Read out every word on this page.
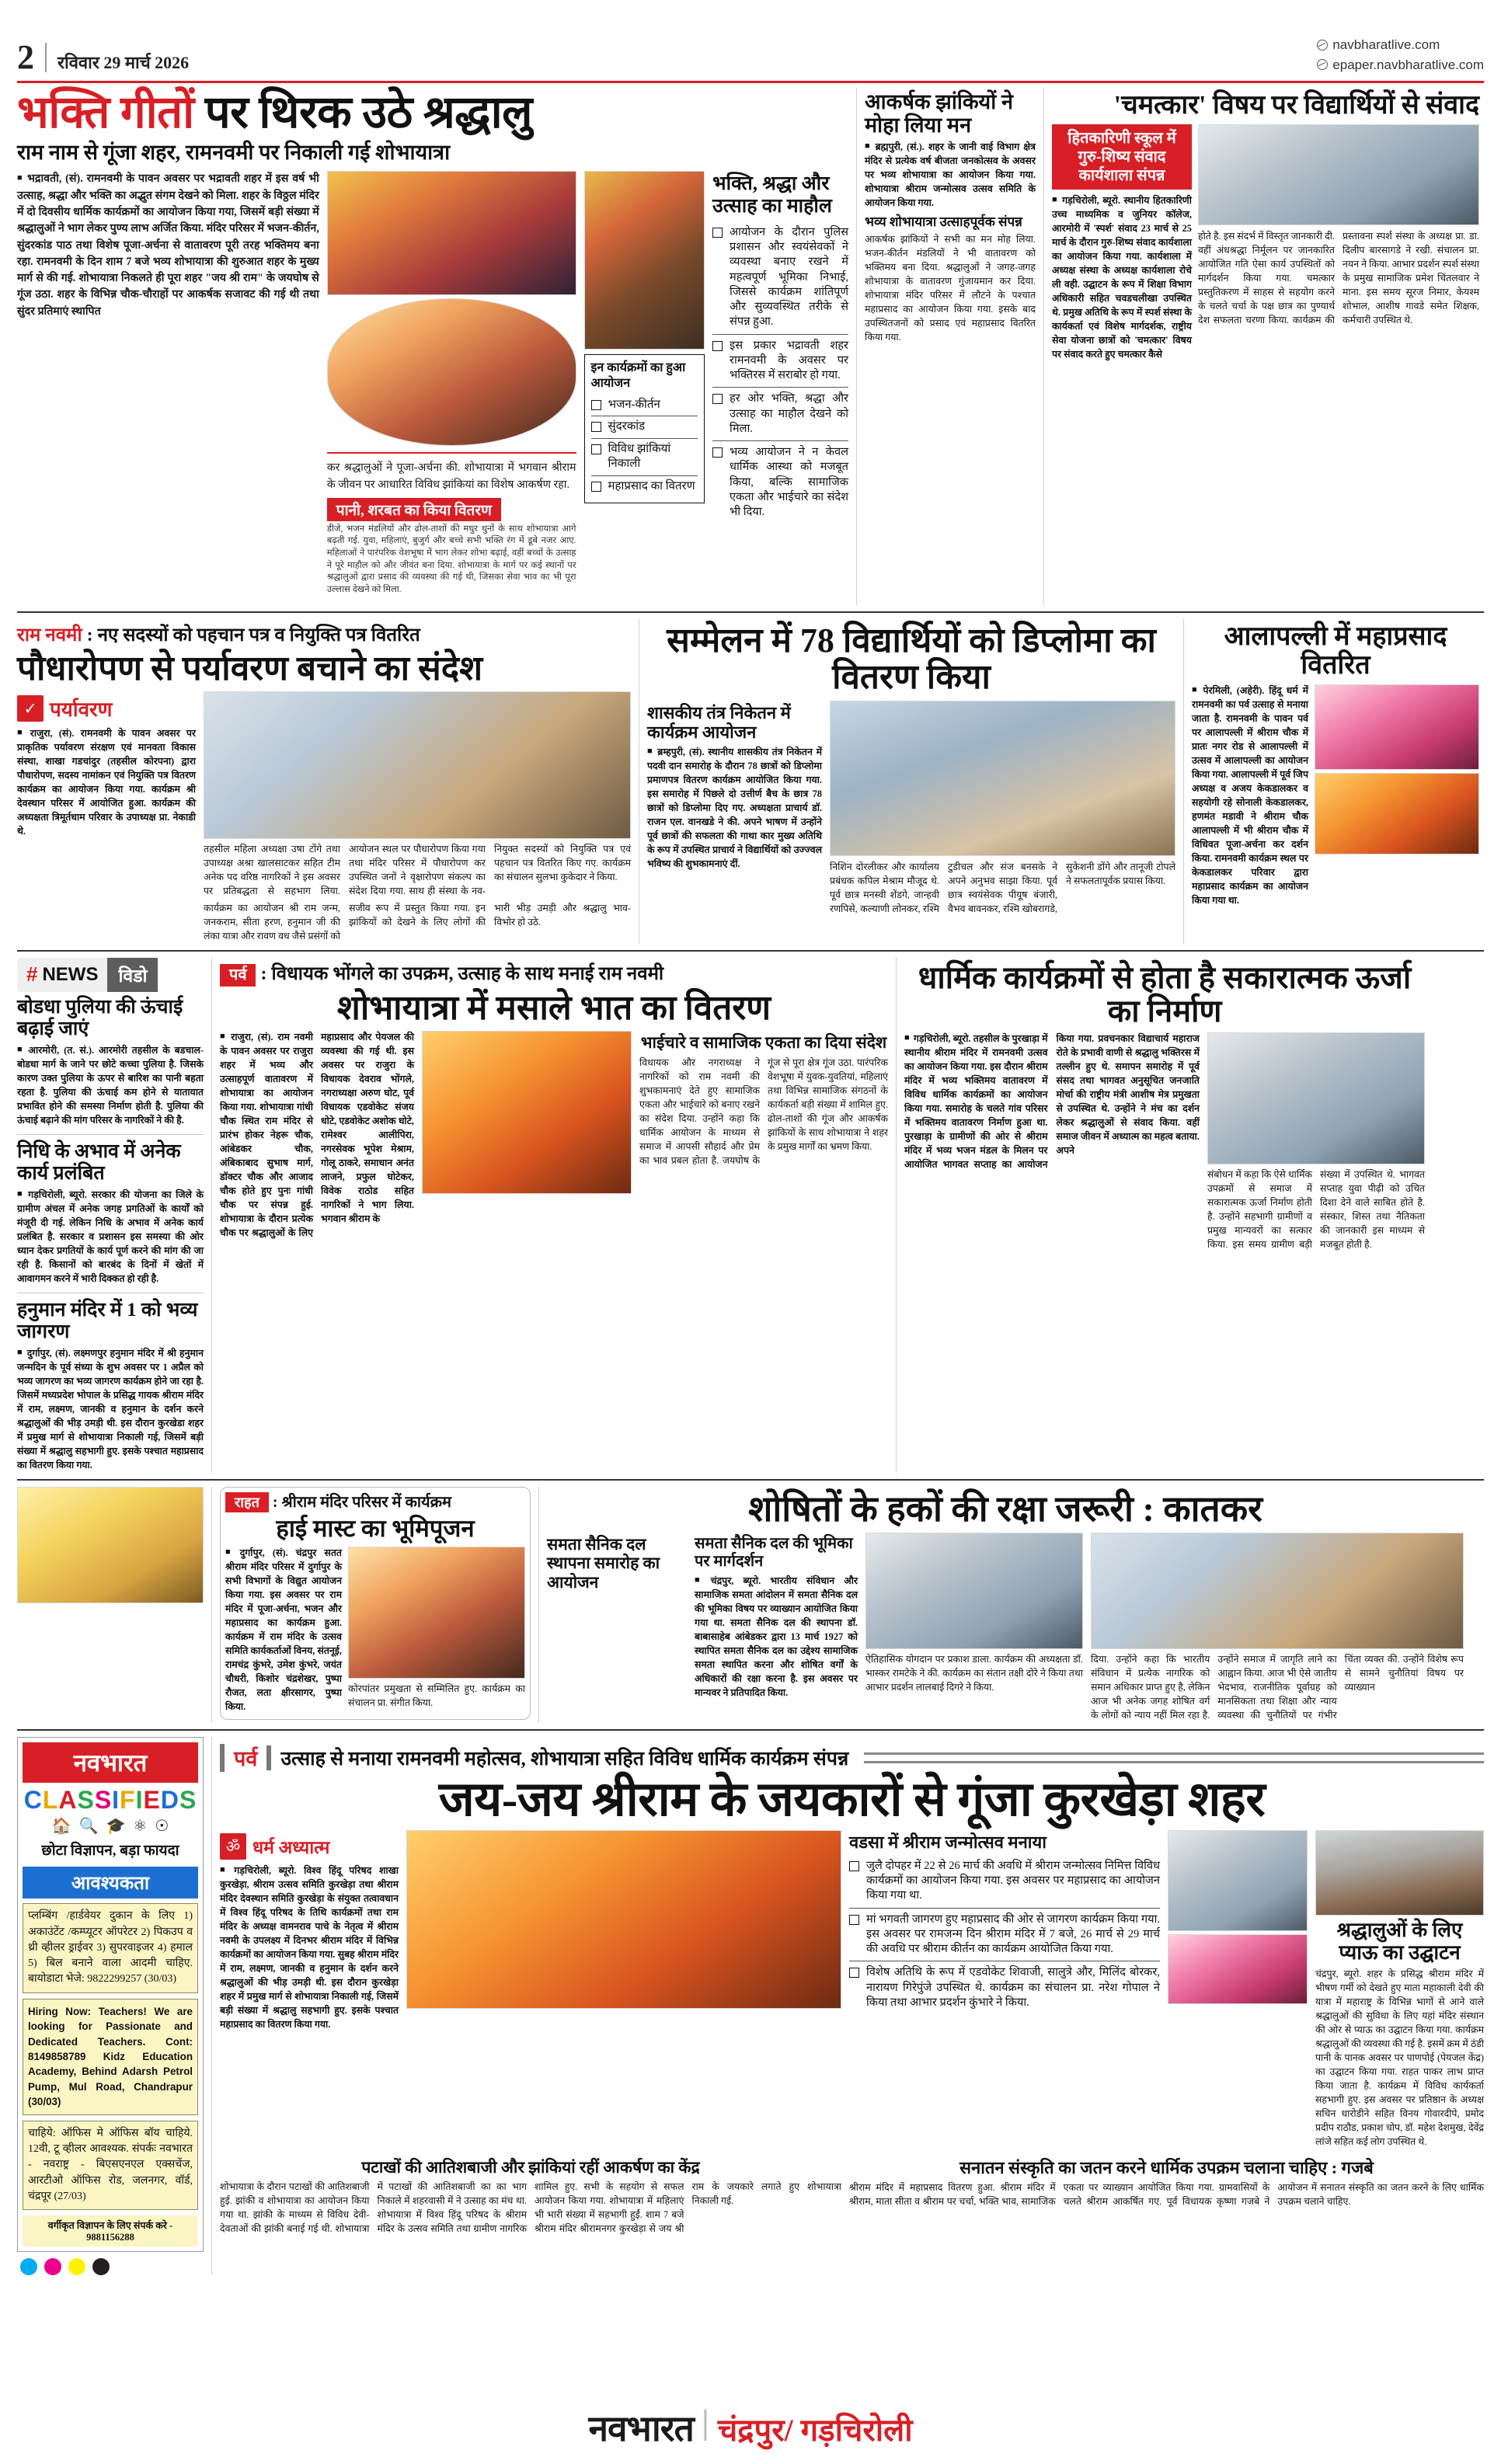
2 रविवार 29 मार्च 2026
नवभारत चंद्रपुर/ गड़चिरोली
navbharatlive.com
epaper.navbharatlive.com
भक्ति गीतों पर थिरक उठे श्रद्धालु
राम नाम से गूंजा शहर, रामनवमी पर निकाली गई शोभायात्रा

■ भद्रावती, (सं). रामनवमी के पावन अवसर पर भद्रावती शहर में इस वर्ष भी उत्साह, श्रद्धा और भक्ति का अद्भुत संगम देखने को मिला. शहर के विठ्ठल मंदिर में दो दिवसीय धार्मिक कार्यक्रमों का आयोजन किया गया, जिसमें बड़ी संख्या में श्रद्धालुओं ने भाग लेकर पुण्य लाभ अर्जित किया. मंदिर परिसर में भजन-कीर्तन, सुंदरकांड पाठ तथा विशेष पूजा-अर्चना से वातावरण पूरी तरह भक्तिमय बना रहा. रामनवमी के दिन शाम 7 बजे भव्य शोभायात्रा की शुरुआत शहर के मुख्य मार्ग से की गई. शोभायात्रा निकलते ही पूरा शहर "जय श्री राम" के जयघोष से गूंज उठा. शहर के विभिन्न चौक-चौराहों पर आकर्षक सजावट की गई थी तथा सुंदर प्रतिमाएं स्थापित

कर श्रद्धालुओं ने पूजा-अर्चना की. शोभायात्रा में भगवान श्रीराम के जीवन पर आधारित विविध झांकियां का विशेष आकर्षण रहा.

पानी, शरबत का किया वितरण

डीजे, भजन मंडलियों और ढोल-ताशों की मधुर धुनों के साथ शोभायात्रा आगे बढ़ती गई. युवा, महिलाएं, बुजुर्ग और बच्चे सभी भक्ति रंग में डूबे नजर आए. महिलाओं ने पारंपरिक वेशभूषा में भाग लेकर शोभा बढ़ाई, वहीं बच्चों के उत्साह ने पूरे माहौल को और जीवंत बना दिया. शोभायात्रा के मार्ग पर कई स्थानों पर श्रद्धालुओं द्वारा प्रसाद की व्यवस्था की गई थी, जिसका सेवा भाव का भी पूरा उल्लास देखने को मिला.

इन कार्यक्रमों का हुआ आयोजन
भजन-कीर्तन
सुंदरकांड
विविध झांकियां निकाली
महाप्रसाद का वितरण
भक्ति, श्रद्धा और उत्साह का माहौल
आयोजन के दौरान पुलिस प्रशासन और स्वयंसेवकों ने व्यवस्था बनाए रखने में महत्वपूर्ण भूमिका निभाई, जिससे कार्यक्रम शांतिपूर्ण और सुव्यवस्थित तरीके से संपन्न हुआ.
इस प्रकार भद्रावती शहर रामनवमी के अवसर पर भक्तिरस में सराबोर हो गया.
हर ओर भक्ति, श्रद्धा और उत्साह का माहौल देखने को मिला.
भव्य आयोजन ने न केवल धार्मिक आस्था को मजबूत किया, बल्कि सामाजिक एकता और भाईचारे का संदेश भी दिया.
आकर्षक झांकियों ने मोहा लिया मन

■ ब्रह्मपुरी, (सं.). शहर के जानी वाई विभाग क्षेत्र मंदिर से प्रत्येक वर्ष बीजता जनकोत्सव के अवसर पर भव्य शोभायात्रा का आयोजन किया गया. शोभायात्रा श्रीराम जन्मोत्सव उत्सव समिति के आयोजन किया गया.

भव्य शोभायात्रा उत्साहपूर्वक संपन्न

आकर्षक झांकियों ने सभी का मन मोह लिया. भजन-कीर्तन मंडलियों ने भी वातावरण को भक्तिमय बना दिया. श्रद्धालुओं ने जगह-जगह शोभायात्रा के वातावरण गुंजायमान कर दिया. शोभायात्रा मंदिर परिसर में लौटने के पश्चात महाप्रसाद का आयोजन किया गया. इसके बाद उपस्थितजनों को प्रसाद एवं महाप्रसाद वितरित किया गया.

'चमत्कार' विषय पर विद्यार्थियों से संवाद
हितकारिणी स्कूल में गुरु-शिष्य संवाद कार्यशाला संपन्न

■ गड़चिरोली, ब्यूरो. स्थानीय हितकारिणी उच्च माध्यमिक व जुनियर कॉलेज, आरमोरी में 'स्पर्श' संवाद 23 मार्च से 25 मार्च के दौरान गुरु-शिष्य संवाद कार्यशाला का आयोजन किया गया. कार्यशाला में अध्यक्ष संस्था के अध्यक्ष कार्यशाला रोचे ली वही. उद्घाटन के रूप में शिक्षा विभाग अधिकारी सहित चवडचलीखा उपस्थित थे. प्रमुख अतिथि के रूप में स्पर्श संस्था के कार्यकर्ता एवं विशेष मार्गदर्शक, राष्ट्रीय सेवा योजना छात्रों को 'चमत्कार' विषय पर संवाद करते हुए चमत्कार कैसे

होते है. इस संदर्भ में विस्तृत जानकारी दी. वहीं अंधश्रद्धा निर्मूलन पर जानकारित आयोजित गति ऐसा कार्य उपस्थितों को मार्गदर्शन किया गया. चमत्कार प्रस्तुतिकरण में साहस से सहयोग करने के चलते चर्चा के पक्ष छात्र का पुण्यार्थ देश सफलता चरणा किया. कार्यक्रम की प्रस्तावना स्पर्श संस्था के अध्यक्ष प्रा. डा. दिलीप बारसागडे ने रखी. संचालन प्रा. नयन ने किया. आभार प्रदर्शन स्पर्श संस्था के प्रमुख सामाजिक प्रमेश चिंतलवार ने माना. इस समय सूरज निमार, केयश्म शोभाल, आशीष गावडे समेत शिक्षक, कर्मचारी उपस्थित थे.

राम नवमी : नए सदस्यों को पहचान पत्र व नियुक्ति पत्र वितरित
पौधारोपण से पर्यावरण बचाने का संदेश
✓ पर्यावरण

■ राजुरा, (सं). रामनवमी के पावन अवसर पर प्राकृतिक पर्यावरण संरक्षण एवं मानवता विकास संस्था, शाखा गडचांदुर (तहसील कोरपना) द्वारा पौधारोपण, सदस्य नामांकन एवं नियुक्ति पत्र वितरण कार्यक्रम का आयोजन किया गया. कार्यक्रम श्री देवस्थान परिसर में आयोजित हुआ. कार्यक्रम की अध्यक्षता त्रिमूर्तधाम परिवार के उपाध्यक्ष प्रा. नेकाडी थे.

तहसील महिला अध्यक्षा उषा टोंगे तथा उपाध्यक्ष अश्रा खालसाटकर सहित टीम अनेक पद वरिष्ठ नागरिकों ने इस अवसर पर प्रतिबद्धता से सहभाग लिया. आयोजन स्थल पर पौधारोपण किया गया तथा मंदिर परिसर में पौधारोपण कर उपस्थित जनों ने वृक्षारोपण संकल्प का संदेश दिया गया. साथ ही संस्था के नव-नियुक्त सदस्यों को नियुक्ति पत्र एवं पहचान पत्र वितरित किए गए. कार्यक्रम का संचालन सुलभा कुकेदार ने किया.

कार्यक्रम का आयोजन श्री राम जन्म, जनकराम, सीता हरण, हनुमान जी की लंका यात्रा और रावण वध जैसे प्रसंगों को सजीव रूप में प्रस्तुत किया गया. इन झांकियों को देखने के लिए लोगों की भारी भीड़ उमड़ी और श्रद्धालु भाव-विभोर हो उठे.

सम्मेलन में 78 विद्यार्थियों को डिप्लोमा का वितरण किया
शासकीय तंत्र निकेतन में कार्यक्रम आयोजन

■ ब्रम्हपुरी, (सं). स्थानीय शासकीय तंत्र निकेतन में पदवी दान समारोह के दौरान 78 छात्रों को डिप्लोमा प्रमाणपत्र वितरण कार्यक्रम आयोजित किया गया. इस समारोह में पिछले दो उत्तीर्ण बैच के छात्र 78 छात्रों को डिप्लोमा दिए गए. अध्यक्षता प्राचार्य डॉ. राजन एल. वानखडे ने की. अपने भाषण में उन्होंने पूर्व छात्रों की सफलता की गाथा कार मुख्य अतिथि के रूप में उपस्थित प्राचार्य ने विद्यार्थियों को उज्ज्वल भविष्य की शुभकामनाएं दीं.	निशिन दोरलीकर और कार्यालय प्रबंधक कपिल मेश्राम मौजूद थे. पूर्व छात्र मनस्वी शेंडगे, जान्हवी रणपिसे, कल्याणी लोनकर, रश्मि टुडीचल और संज बनसके ने अपने अनुभव साझा किया. पूर्व छात्र स्वयंसेवक पीयूष बंजारी, वैभव बावनकर, रश्मि खोबरागडे, सुकेशनी डोंगे और तानूजी टोपले ने सफलतापूर्वक प्रयास किया.

आलापल्ली में महाप्रसाद वितरित

■ पेरमिली, (अहेरी). हिंदू धर्म में रामनवमी का पर्व उत्साह से मनाया जाता है. रामनवमी के पावन पर्व पर आलापल्ली में श्रीराम चौक में प्रातः नगर रोड से आलापल्ली में उत्सव में आलापल्ली का आयोजन किया गया. आलापल्ली में पूर्व जिप अध्यक्ष व अजय केकडालकर व सहयोगी रहे सोनाली केकडालकर, हणमंत मडावी ने श्रीराम चौक आलापल्ली में भी श्रीराम चौक में विधिवत पूजा-अर्चना कर दर्शन किया. रामनवमी कार्यक्रम स्थल पर केकडालकर परिवार द्वारा महाप्रसाद कार्यक्रम का आयोजन किया गया था.

# NEWS	विडो
बोडधा पुलिया की ऊंचाई बढ़ाई जाएं

■ आरमोरी, (त. सं.). आरमोरी तहसील के बडचाल-बोडधा मार्ग के जाने पर छोटे कच्चा पुलिया है. जिसके कारण उक्त पुलिया के ऊपर से बारिश का पानी बहता रहता है. पुलिया की ऊंचाई कम होने से यातायात प्रभावित होने की समस्या निर्माण होती है. पुलिया की ऊंचाई बढ़ाने की मांग परिसर के नागरिकों ने की है.

निधि के अभाव में अनेक कार्य प्रलंबित

■ गड़चिरोली, ब्यूरो. सरकार की योजना का जिले के ग्रामीण अंचल में अनेक जगह प्रगतिओं के कार्यों को मंजूरी दी गई. लेकिन निधि के अभाव में अनेक कार्य प्रलंबित है. सरकार व प्रशासन इस समस्या की ओर ध्यान देकर प्रगतियों के कार्य पूर्ण करने की मांग की जा रही है. किसानों को बारबंद के दिनों में खेतों में आवागमन करने में भारी दिक्कत हो रही है.

हनुमान मंदिर में 1 को भव्य जागरण

■ दुर्गापुर, (सं). लक्ष्मणपुर हनुमान मंदिर में श्री हनुमान जन्मदिन के पूर्व संध्या के शुभ अवसर पर 1 अप्रैल को भव्य जागरण का भव्य जागरण कार्यक्रम होने जा रहा है. जिसमें मध्यप्रदेश भोपाल के प्रसिद्ध गायक श्रीराम मंदिर में राम, लक्ष्मण, जानकी व हनुमान के दर्शन करने श्रद्धालुओं की भीड़ उमड़ी थी. इस दौरान कुरखेडा शहर में प्रमुख मार्ग से शोभायात्रा निकाली गई, जिसमें बड़ी संख्या में श्रद्धालु सहभागी हुए. इसके पश्चात महाप्रसाद का वितरण किया गया.

पर्व : विधायक भोंगले का उपक्रम, उत्साह के साथ मनाई राम नवमी
शोभायात्रा में मसाले भात का वितरण

■ राजुरा, (सं). राम नवमी के पावन अवसर पर राजुरा शहर में भव्य और उत्साहपूर्ण वातावरण में शोभायात्रा का आयोजन किया गया. शोभायात्रा गांधी चौक स्थित राम मंदिर से प्रारंभ होकर नेहरू चौक, आंबेडकर चौक, अंबिकाबाद सुभाष मार्ग, डॉक्टर चौक और आजाद चौक होते हुए पुनः गांधी चौक पर संपन्न हुई. शोभायात्रा के दौरान प्रत्येक चौक पर श्रद्धालुओं के लिए महाप्रसाद और पेयजल की व्यवस्था की गई थी. इस अवसर पर राजुरा के विधायक देवराव भोंगले, नगराध्यक्षा अरुण घोट, पूर्व विधायक एडवोकेट संजय धोटे, एडवोकेट अशोक धोटे, रामेश्वर आलीपिरा, नगरसेवक भूपेश मेश्राम, गोलू ठाकरे, समाधान अनंत लाजने, प्रफुल घोटेकर, विवेक राठोड सहित नागरिकों ने भाग लिया. भगवान श्रीराम के

भाईचारे व सामाजिक एकता का दिया संदेश

विधायक और नगराध्यक्ष ने नागरिकों को राम नवमी की शुभकामनाएं देते हुए सामाजिक एकता और भाईचारे को बनाए रखने का संदेश दिया. उन्होंने कहा कि धार्मिक आयोजन के माध्यम से समाज में आपसी सौहार्द और प्रेम का भाव प्रबल होता है. जयघोष के गूंज से पूरा क्षेत्र गूंज उठा. पारंपरिक वेशभूषा में युवक-युवतियां, महिलाएं तथा विभिन्न सामाजिक संगठनों के कार्यकर्ता बड़ी संख्या में शामिल हुए. ढोल-ताशों की गूंज और आकर्षक झांकियों के साथ शोभायात्रा ने शहर के प्रमुख मार्गों का भ्रमण किया.

धार्मिक कार्यक्रमों से होता है सकारात्मक ऊर्जा का निर्माण

■ गड़चिरोली, ब्यूरो. तहसील के पुरखाड़ा में स्थानीय श्रीराम मंदिर में रामनवमी उत्सव का आयोजन किया गया. इस दौरान श्रीराम मंदिर में भव्य भक्तिमय वातावरण में विविध धार्मिक कार्यक्रमों का आयोजन किया गया. समारोह के चलते गांव परिसर में भक्तिमय वातावरण निर्माण हुआ था. पुरखाड़ा के ग्रामीणों की ओर से श्रीराम मंदिर में भव्य भजन मंडल के मिलन पर आयोजित भागवत सप्ताह का आयोजन किया गया. प्रवचनकार विद्याचार्य महाराज रोते के प्रभावी वाणी से श्रद्धालु भक्तिरस में तल्लीन हुए थे. समापन समारोह में पूर्व संसद तथा भागवत अनुसूचित जनजाति मोर्चा की राष्ट्रीय मंत्री आशीष मेत्र प्रमुखता से उपस्थित थे. उन्होंने ने मंच का दर्शन लेकर श्रद्धालुओं से संवाद किया. वहीं समाज जीवन में अध्यात्म का महत्व बताया. अपने

संबोधन में कहा कि ऐसे धार्मिक उपक्रमों से समाज में सकारात्मक ऊर्जा निर्माण होती है. उन्होंने सहभागी ग्रामीणों व प्रमुख मान्यवरों का सत्कार किया. इस समय ग्रामीण बड़ी संख्या में उपस्थित थे. भागवत सप्ताह युवा पीढ़ी को उचित दिशा देने वाले साबित होते है. संस्कार, शिस्त तथा नैतिकता की जानकारी इस माध्यम से मजबूत होती है.

राहत : श्रीराम मंदिर परिसर में कार्यक्रम
हाई मास्ट का भूमिपूजन

■ दुर्गापुर, (सं). चंद्रपुर सतत श्रीराम मंदिर परिसर में दुर्गापुर के सभी विभागों के विद्युत आयोजन किया गया. इस अवसर पर राम मंदिर में पूजा-अर्चना, भजन और महाप्रसाद का कार्यक्रम हुआ. कार्यक्रम में राम मंदिर के उत्सव समिति कार्यकर्ताओं विनय, संतनूई, रामचंद्र कुंभरे, उमेश कुंभरे, जयंत चौधरी, किशोर चंद्रशेखर, पुष्पा रौजत, लता क्षीरसागर, पुष्पा किया.

कोरपांतर प्रमुखता से सम्मिलित हुए. कार्यक्रम का संचालन प्रा. संगीत किया.

शोषितों के हकों की रक्षा जरूरी : कातकर
समता सैनिक दल स्थापना समारोह का आयोजन
समता सैनिक दल की भूमिका पर मार्गदर्शन

■ चंद्रपुर, ब्यूरो. भारतीय संविधान और सामाजिक समता आंदोलन में समता सैनिक दल की भूमिका विषय पर व्याख्यान आयोजित किया गया था. समता सैनिक दल की स्थापना डॉ. बाबासाहेब आंबेडकर द्वारा 13 मार्च 1927 को स्थापित समता सैनिक दल का उद्देश्य सामाजिक समता स्थापित करना और शोषित वर्गों के अधिकारों की रक्षा करना है. इस अवसर पर मान्यवर ने प्रतिपादित किया.

ऐतिहासिक योगदान पर प्रकाश डाला. कार्यक्रम की अध्यक्षता डॉ. भास्कर रामटेके ने की. कार्यक्रम का संतान तक्षी दोरे ने किया तथा आभार प्रदर्शन लालबाई दिगरे ने किया.

दिया. उन्होंने कहा कि भारतीय संविधान में प्रत्येक नागरिक को समान अधिकार प्राप्त हुए है, लेकिन आज भी अनेक जगह शोषित वर्ग के लोगों को न्याय नहीं मिल रहा है. उन्होंने समाज में जागृति लाने का आह्वान किया. आज भी ऐसे जातीय भेदभाव, राजनीतिक पूर्वाग्रह को मानसिकता तथा शिक्षा और न्याय व्यवस्था की चुनौतियों पर गंभीर चिंता व्यक्त की. उन्होंने विशेष रूप से सामने चुनौतियां विषय पर व्याख्यान

नवभारत
CLASSIFIEDS
🏠 🔍 🎓 ⚛ ☉
छोटा विज्ञापन, बड़ा फायदा
आवश्यकता
प्लम्बिंग /हार्डवेयर दुकान के लिए 1) अकाउंटेंट /कम्प्यूटर ऑपरेटर 2) पिकउप व थ्री व्हीलर ड्राईवर 3) सुपरवाइजर 4) हमाल 5) बिल बनाने वाला आदमी चाहिए. बायोडाटा भेजे: 9822299257 (30/03)
Hiring Now: Teachers! We are looking for Passionate and Dedicated Teachers. Cont: 8149858789 Kidz Education Academy, Behind Adarsh Petrol Pump, Mul Road, Chandrapur (30/03)
चाहिये: ऑफिस मे ऑफिस बॉय चाहिये. 12वी, टू व्हीलर आवश्यक. संपर्कः नवभारत - नवराष्ट्र - बिएसएनएल एक्सचेंज, आरटीओ ऑफिस रोड, जलनगर, वॉर्ड, चंद्रपूर (27/03)
वर्गीकृत विज्ञापन के लिए संपर्क करे - 9881156288
पर्व उत्साह से मनाया रामनवमी महोत्सव, शोभायात्रा सहित विविध धार्मिक कार्यक्रम संपन्न
जय-जय श्रीराम के जयकारों से गूंजा कुरखेड़ा शहर
ॐ धर्म अध्यात्म

■ गड़चिरोली, ब्यूरो. विश्व हिंदू परिषद शाखा कुरखेड़ा, श्रीराम उत्सव समिति कुरखेड़ा तथा श्रीराम मंदिर देवस्थान समिति कुरखेड़ा के संयुक्त तत्वावधान में विश्व हिंदू परिषद के तिथि कार्यक्रमों तथा राम मंदिर के अध्यक्ष वामनराव पाचे के नेतृत्व में श्रीराम नवमी के उपलक्ष्य में दिनभर श्रीराम मंदिर में विभिन्न कार्यक्रमों का आयोजन किया गया. सुबह श्रीराम मंदिर में राम, लक्ष्मण, जानकी व हनुमान के दर्शन करने श्रद्धालुओं की भीड़ उमड़ी थी. इस दौरान कुरखेड़ा शहर में प्रमुख मार्ग से शोभायात्रा निकाली गई, जिसमें बड़ी संख्या में श्रद्धालु सहभागी हुए. इसके पश्चात महाप्रसाद का वितरण किया गया.

वडसा में श्रीराम जन्मोत्सव मनाया
जुलै दोपहर में 22 से 26 मार्च की अवधि में श्रीराम जन्मोत्सव निमित्त विविध कार्यक्रमों का आयोजन किया गया. इस अवसर पर महाप्रसाद का आयोजन किया गया था.
मां भगवती जागरण हुए महाप्रसाद की ओर से जागरण कार्यक्रम किया गया. इस अवसर पर रामजन्म दिन श्रीराम मंदिर में 7 बजे, 26 मार्च से 29 मार्च की अवधि पर श्रीराम कीर्तन का कार्यक्रम आयोजित किया गया.
विशेष अतिथि के रूप में एडवोकेट शिवाजी, सालुत्रे और, मिलिंद बोरकर, नारायण गिरेपुंजे उपस्थित थे. कार्यक्रम का संचालन प्रा. नरेश गोपाल ने किया तथा आभार प्रदर्शन कुंभारे ने किया.
श्रद्धालुओं के लिए प्याऊ का उद्घाटन

चंद्रपुर, ब्यूरो. शहर के प्रसिद्ध श्रीराम मंदिर में भीषण गर्मी को देखते हुए माता महाकाली देवी की यात्रा में महाराष्ट्र के विभिन्न भागों से आने वाले श्रद्धालुओं की सुविधा के लिए यहां मंदिर संस्थान की ओर से प्याऊ का उद्घाटन किया गया. कार्यक्रम श्रद्धालुओं की व्यवस्था की गई है. इसमें क्रम में ठंडी पानी के पानक अवसर पर पाणपोई (पेयजल केंद्र) का उद्घाटन किया गया. राहत पाकर लाभ प्राप्त किया जाता है. कार्यक्रम में विविध कार्यकर्ता सहभागी हुए. इस अवसर पर प्रतिष्ठान के अध्यक्ष सचिन धारोडीने सहित विनय गोवारदीपे, प्रमोद प्रदीप राठौड, प्रकाश चोप, डॉ. महेश देशमुख, देवेंद्र लांजे सहित कई लोग उपस्थित थे.

पटाखों की आतिशबाजी और झांकियां रहीं आकर्षण का केंद्र

शोभायात्रा के दौरान पटाखों की आतिशबाजी हुई. झांकी व शोभायात्रा का आयोजन किया गया था. झांकी के माध्यम से विविध देवी-देवताओं की झांकी बनाई गई थी. शोभायात्रा में पटाखों की आतिशबाजी का का भाग निकाले में शहरवासी में ने उत्साह का मंच था. शोभायात्रा में विश्व हिंदू परिषद के श्रीराम मंदिर के उत्सव समिति तथा ग्रामीण नागरिक शामिल हुए. सभी के सहयोग से सफल आयोजन किया गया. शोभायात्रा में महिलाएं भी भारी संख्या में सहभागी हुईं. शाम 7 बजे श्रीराम मंदिर श्रीरामनगर कुरखेड़ा से जय श्री राम के जयकारे लगाते हुए शोभायात्रा निकाली गई.

सनातन संस्कृति का जतन करने धार्मिक उपक्रम चलाना चाहिए : गजबे

श्रीराम मंदिर में महाप्रसाद वितरण हुआ. श्रीराम मंदिर में श्रीराम, माता सीता व श्रीराम पर चर्चा, भक्ति भाव, सामाजिक एकता पर व्याख्यान आयोजित किया गया. ग्रामवासियों के चलते श्रीराम आकर्षित गए. पूर्व विधायक कृष्णा गजबे ने आयोजन में सनातन संस्कृति का जतन करने के लिए धार्मिक उपक्रम चलाने चाहिए.
